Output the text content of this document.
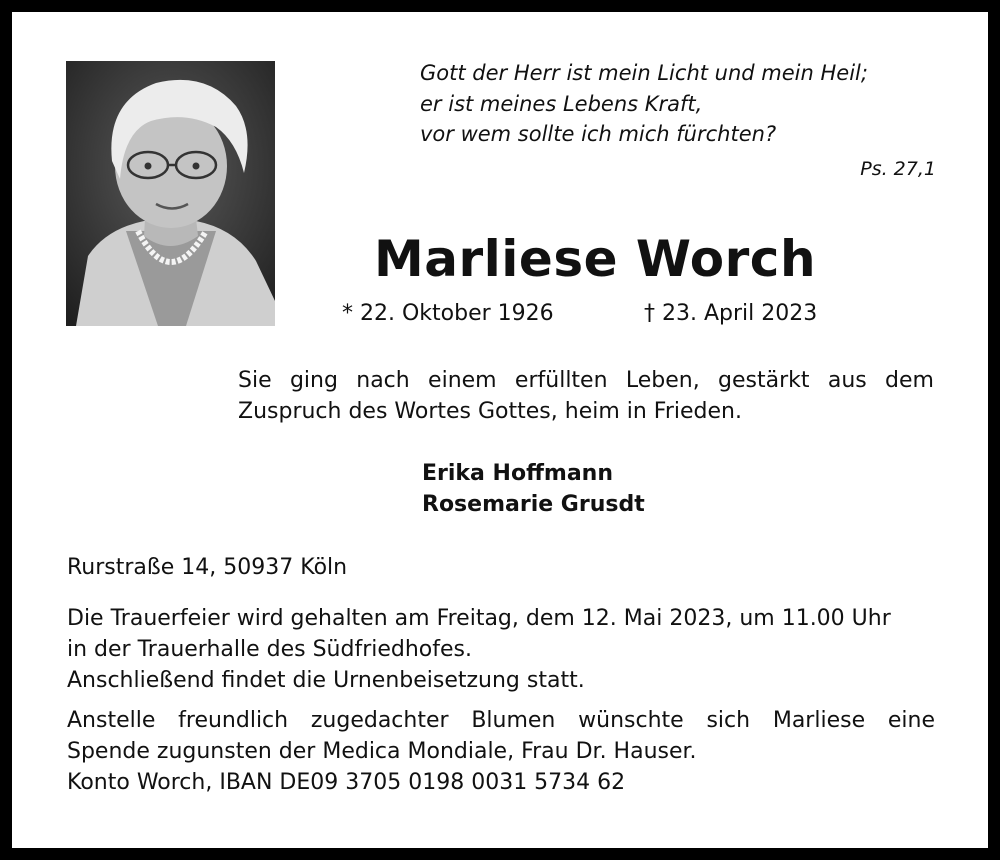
Gott der Herr ist mein Licht und mein Heil;
er ist meines Lebens Kraft,
vor wem sollte ich mich fürchten?
Ps. 27,1
Marliese Worch
* 22. Oktober 1926	† 23. April 2023
Sie ging nach einem erfüllten Leben, gestärkt aus dem
Zuspruch des Wortes Gottes, heim in Frieden.
Erika Hoffmann
Rosemarie Grusdt
Rurstraße 14, 50937 Köln
Die Trauerfeier wird gehalten am Freitag, dem 12. Mai 2023, um 11.00 Uhr
in der Trauerhalle des Südfriedhofes.
Anschließend findet die Urnenbeisetzung statt.
Anstelle freundlich zugedachter Blumen wünschte sich Marliese eine
Spende zugunsten der Medica Mondiale, Frau Dr. Hauser.
Konto Worch, IBAN DE09 3705 0198 0031 5734 62
